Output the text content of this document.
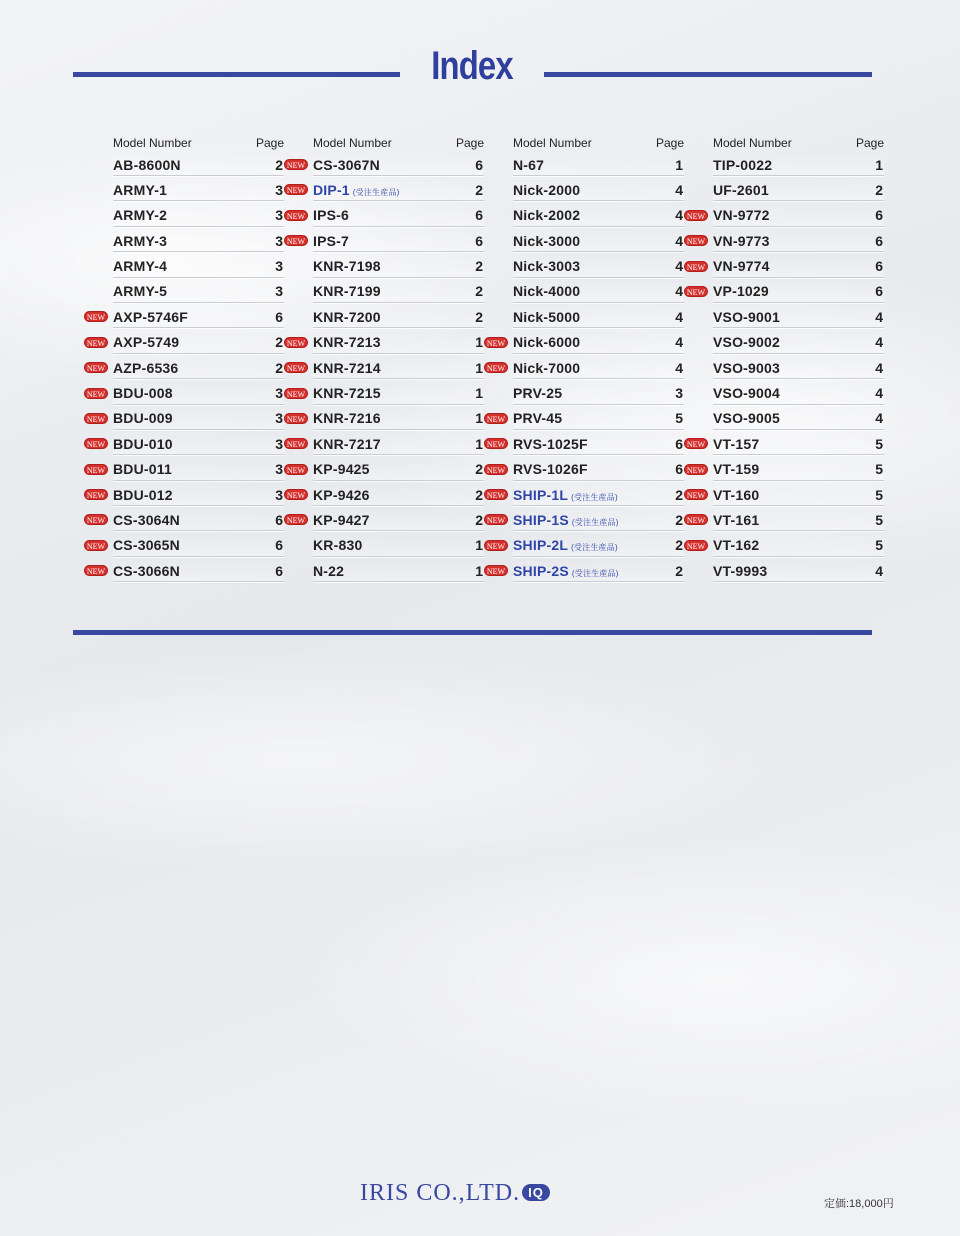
Index
Model Number	Page
AB-8600N	2
ARMY-1	3
ARMY-2	3
ARMY-3	3
ARMY-4	3
ARMY-5	3
NEW AXP-5746F	6
NEW AXP-5749	2
NEW AZP-6536	2
NEW BDU-008	3
NEW BDU-009	3
NEW BDU-010	3
NEW BDU-011	3
NEW BDU-012	3
NEW CS-3064N	6
NEW CS-3065N	6
NEW CS-3066N	6
Model Number	Page
NEW CS-3067N	6
NEW DIP-1 (受注生産品)	2
NEW IPS-6	6
NEW IPS-7	6
KNR-7198	2
KNR-7199	2
KNR-7200	2
NEW KNR-7213	1
NEW KNR-7214	1
NEW KNR-7215	1
NEW KNR-7216	1
NEW KNR-7217	1
NEW KP-9425	2
NEW KP-9426	2
NEW KP-9427	2
KR-830	1
N-22	1
Model Number	Page
N-67	1
Nick-2000	4
Nick-2002	4
Nick-3000	4
Nick-3003	4
Nick-4000	4
Nick-5000	4
NEW Nick-6000	4
NEW Nick-7000	4
PRV-25	3
NEW PRV-45	5
NEW RVS-1025F	6
NEW RVS-1026F	6
NEW SHIP-1L (受注生産品)	2
NEW SHIP-1S (受注生産品)	2
NEW SHIP-2L (受注生産品)	2
NEW SHIP-2S (受注生産品)	2
Model Number	Page
TIP-0022	1
UF-2601	2
NEW VN-9772	6
NEW VN-9773	6
NEW VN-9774	6
NEW VP-1029	6
VSO-9001	4
VSO-9002	4
VSO-9003	4
VSO-9004	4
VSO-9005	4
NEW VT-157	5
NEW VT-159	5
NEW VT-160	5
NEW VT-161	5
NEW VT-162	5
VT-9993	4
IRIS CO.,LTD. IQ
定価:18,000円
